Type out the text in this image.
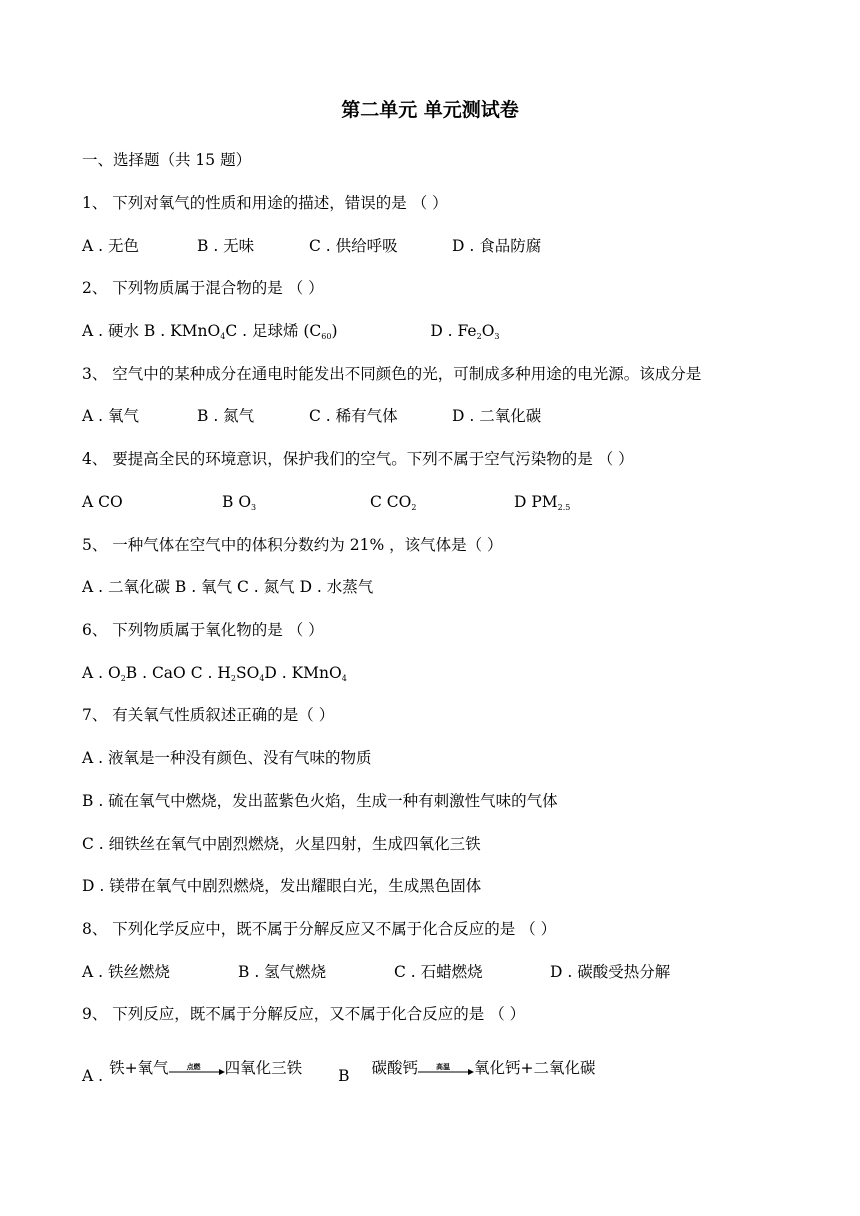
第二单元 单元测试卷
一、选择题（共 15 题）
1、 下列对氧气的性质和用途的描述，错误的是 （ ）
A . 无色	B . 无味	C . 供给呼吸	D . 食品防腐
2、 下列物质属于混合物的是 （ ）
A . 硬水 B . KMnO$_4$C . 足球烯 $(C_{60})$	D . $Fe_2O_3$
3、 空气中的某种成分在通电时能发出不同颜色的光，可制成多种用途的电光源。该成分是
A . 氧气	B . 氮气	C . 稀有气体	D . 二氧化碳
4、 要提高全民的环境意识，保护我们的空气。下列不属于空气污染物的是 （ ）
A CO	B $O_3$	C $CO_2$	D $PM_{2.5}$
5、 一种气体在空气中的体积分数约为 21% ，该气体是（ ）
A . 二氧化碳 B . 氧气 C . 氮气 D . 水蒸气
6、 下列物质属于氧化物的是 （ ）
A . $O_2B$ . CaO C . $H_2SO_4D$ . KMnO$_4$
7、 有关氧气性质叙述正确的是（ ）
A . 液氧是一种没有颜色、没有气味的物质
B . 硫在氧气中燃烧，发出蓝紫色火焰，生成一种有刺激性气味的气体
C . 细铁丝在氧气中剧烈燃烧，火星四射，生成四氧化三铁
D . 镁带在氧气中剧烈燃烧，发出耀眼白光，生成黑色固体
8、 下列化学反应中，既不属于分解反应又不属于化合反应的是 （ ）
A . 铁丝燃烧	B . 氢气燃烧	C . 石蜡燃烧	D . 碳酸受热分解
9、 下列反应，既不属于分解反应，又不属于化合反应的是 （ ）
A . 铁+氧气	点燃	四氧化三铁 B 碳酸钙	高温	氧化钙+二氧化碳
